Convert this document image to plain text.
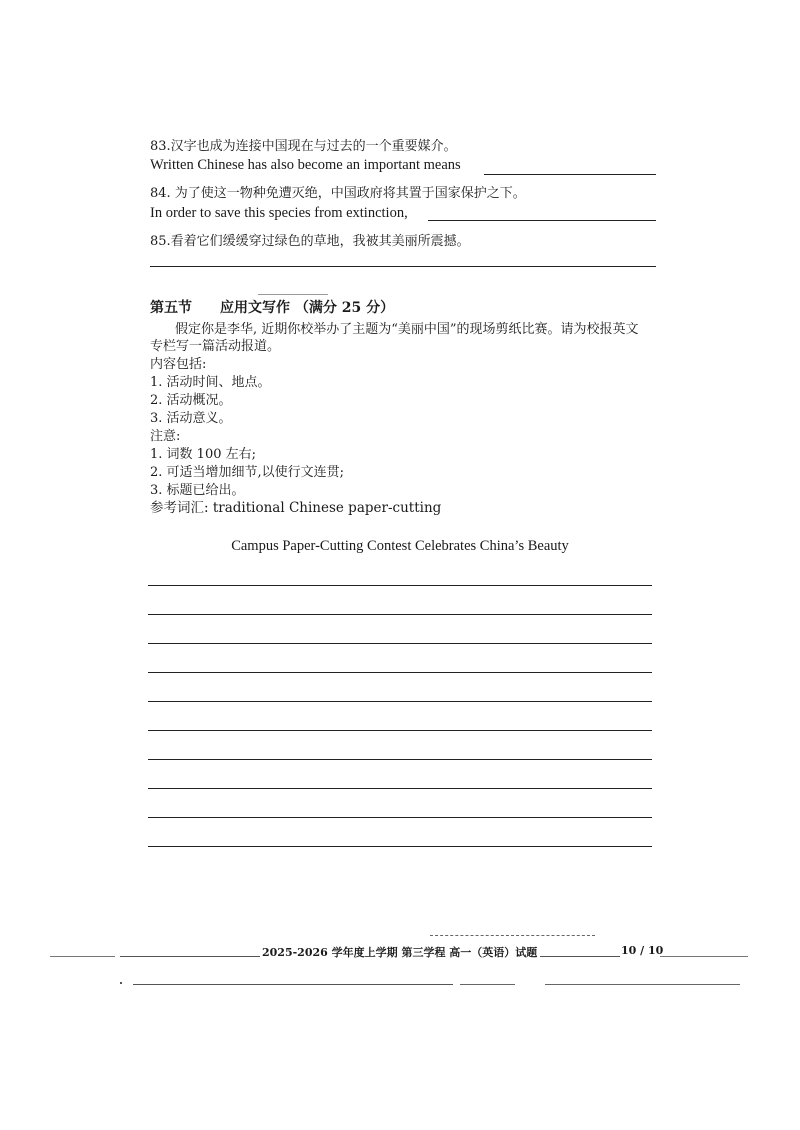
83.汉字也成为连接中国现在与过去的一个重要媒介。
Written Chinese has also become an important means
84. 为了使这一物种免遭灭绝，中国政府将其置于国家保护之下。
In order to save this species from extinction,
85.看着它们缓缓穿过绿色的草地，我被其美丽所震撼。
第五节　　应用文写作 （满分 25 分）
假定你是李华, 近期你校举办了主题为“美丽中国”的现场剪纸比赛。请为校报英文
专栏写一篇活动报道。
内容包括:
1. 活动时间、地点。
2. 活动概况。
3. 活动意义。
注意:
1. 词数 100 左右;
2. 可适当增加细节,以使行文连贯;
3. 标题已给出。
参考词汇: traditional Chinese paper-cutting
Campus Paper-Cutting Contest Celebrates China’s Beauty
2025-2026 学年度上学期 第三学程 高一（英语）试题	10 / 10
